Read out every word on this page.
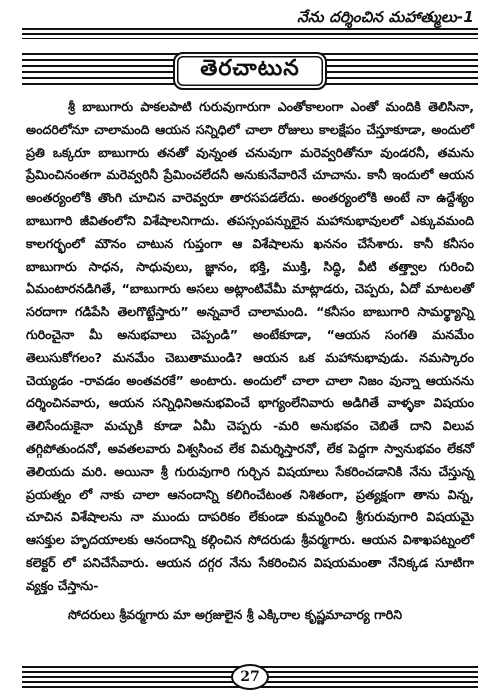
నేను దర్శించిన మహాత్ములు-1
తెరచాటున

శ్రీ బాబుగారు పాకలపాటి గురువుగారుగా ఎంతోకాలంగా ఎంతో మందికి తెలిసినా, అందరిలోనూ చాలామంది ఆయన సన్నిధిలో చాలా రోజులు కాలక్షేపం చేస్తూకూడా, అందులో ప్రతి ఒక్కరూ బాబుగారు తనతో వున్నంత చనువుగా మరెవ్వరితోనూ వుండరనీ, తమను ప్రేమించినంతగా మరెవ్వరినీ ప్రేమించలేదనీ అనుకునేవారినే చూచాను. కానీ ఇందులో ఆయన అంతర్యంలోకి తొంగి చూచిన వారెవ్వరూ తారసపడలేదు. అంతర్యంలోకి అంటే నా ఉద్దేశ్యం బాబుగారి జీవితంలోని విశేషాలనిగాదు. తపస్సంపన్నులైన మహానుభావులలో ఎక్కువమంది కాలగర్భంలో మౌనం చాటున గుప్తంగా ఆ విశేషాలను ఖననం చేసేశారు. కానీ కనీసం బాబుగారు సాధన, సాధువులు, జ్ఞానం, భక్తి, ముక్తి, సిద్ధి, వీటి తత్త్వాల గురించి ఏమంటారనడిగితే, “బాబుగారు అసలు అట్లాంటివేమీ మాట్లాడరు, చెప్పరు, ఏదో మాటలతో సరదాగా గడిపేసి తెలగొట్టేస్తారు” అన్నవారే చాలామంది. “కనీసం బాబుగారి సామర్థ్యాన్ని గురించైనా మీ అనుభవాలు చెప్పండి” అంటేకూడా, “ఆయన సంగతి మనమేం తెలుసుకోగలం? మనమేం చెబుతాముండి? ఆయన ఒక మహానుభావుడు. నమస్కారం చెయ్యడం -రావడం అంతవరకే” అంటారు. అందులో చాలా చాలా నిజం వున్నా ఆయనను దర్శించినవారు, ఆయన సన్నిధినిఅనుభవించే భాగ్యంలేనివారు అడిగితే వాళ్ళకా విషయం తెలిసేందుకైనా మచ్చుకి కూడా ఏమీ చెప్పరు -మరి అనుభవం చెబితే దాని విలువ తగ్గిపోతుందనో, అవతలవారు విశ్వసించ లేక విమర్శిస్తారనో, లేక పెద్దగా స్వానుభవం లేకనో తెలియదు మరి. అయినా శ్రీ గురువుగారి గుర్చిన విషయాలు సేకరించడానికి నేను చేస్తున్న ప్రయత్నం లో నాకు చాలా ఆనందాన్ని కలిగించేటంత నిశితంగా, ప్రత్యక్షంగా తాను విన్న, చూచిన విశేషాలను నా ముందు దాపరికం లేకుండా కుమ్మరించి శ్రీగురువుగారి విషయమై ఆసక్తుల హృదయాలకు ఆనందాన్ని కల్గించిన సోదరుడు శ్రీవర్మగారు. ఆయన విశాఖపట్నంలో కలెక్టర్ లో పనిచేసేవారు. ఆయన దగ్గర నేను సేకరించిన విషయమంతా నేనిక్కడ సూటిగా వ్యక్తం చేస్తాను-

సోదరులు శ్రీవర్మగారు మా అగ్రజులైన శ్రీ ఎక్కిరాల కృష్ణమాచార్య గారిని

27
